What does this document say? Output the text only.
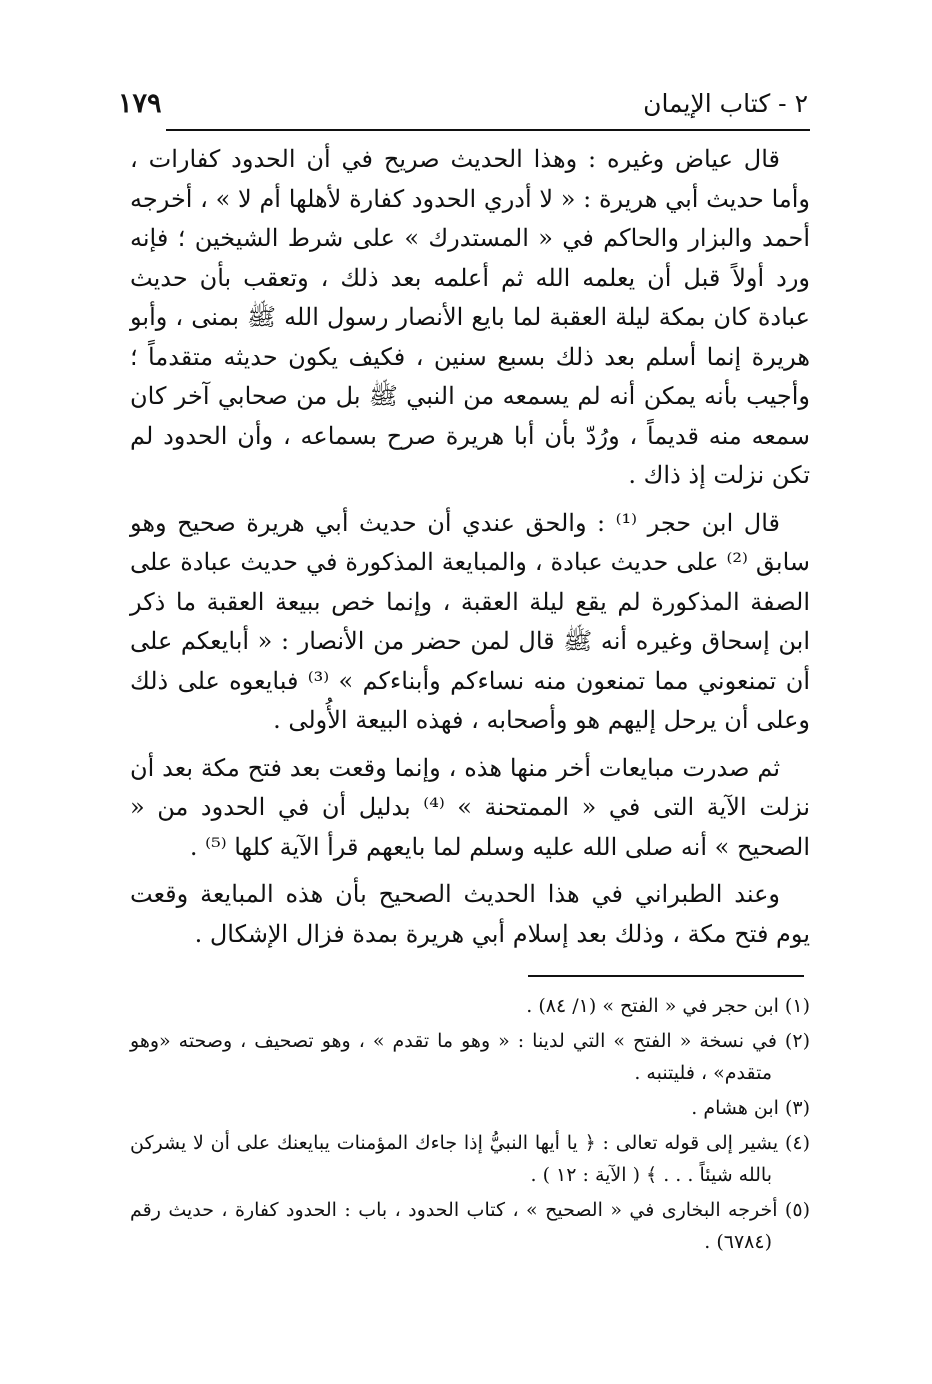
٢ - كتاب الإيمان
١٧٩

قال عياض وغيره : وهذا الحديث صريح في أن الحدود كفارات ، وأما حديث أبي هريرة : « لا أدري الحدود كفارة لأهلها أم لا » ، أخرجه أحمد والبزار والحاكم في « المستدرك » على شرط الشيخين ؛ فإنه ورد أولاً قبل أن يعلمه الله ثم أعلمه بعد ذلك ، وتعقب بأن حديث عبادة كان بمكة ليلة العقبة لما بايع الأنصار رسول الله ﷺ بمنى ، وأبو هريرة إنما أسلم بعد ذلك بسبع سنين ، فكيف يكون حديثه متقدماً ؛ وأجيب بأنه يمكن أنه لم يسمعه من النبي ﷺ بل من صحابي آخر كان سمعه منه قديماً ، ورُدّ بأن أبا هريرة صرح بسماعه ، وأن الحدود لم تكن نزلت إذ ذاك .

قال ابن حجر ⁽¹⁾ : والحق عندي أن حديث أبي هريرة صحيح وهو سابق ⁽²⁾ على حديث عبادة ، والمبايعة المذكورة في حديث عبادة على الصفة المذكورة لم يقع ليلة العقبة ، وإنما خص ببيعة العقبة ما ذكر ابن إسحاق وغيره أنه ﷺ قال لمن حضر من الأنصار : « أبايعكم على أن تمنعوني مما تمنعون منه نساءكم وأبناءكم » ⁽³⁾ فبايعوه على ذلك وعلى أن يرحل إليهم هو وأصحابه ، فهذه البيعة الأُولى .

ثم صدرت مبايعات أخر منها هذه ، وإنما وقعت بعد فتح مكة بعد أن نزلت الآية التى في « الممتحنة » ⁽⁴⁾ بدليل أن في الحدود من « الصحيح » أنه صلى الله عليه وسلم لما بايعهم قرأ الآية كلها ⁽⁵⁾ .

وعند الطبراني في هذا الحديث الصحيح بأن هذه المبايعة وقعت يوم فتح مكة ، وذلك بعد إسلام أبي هريرة بمدة فزال الإشكال .

(١) ابن حجر في « الفتح » (١/ ٨٤) .

(٢) في نسخة « الفتح » التي لدينا : « وهو ما تقدم » ، وهو تصحيف ، وصحته «وهو متقدم» ، فليتنبه .

(٣) ابن هشام .

(٤) يشير إلى قوله تعالى : ﴿ يا أيها النبيُّ إذا جاءك المؤمنات يبايعنك على أن لا يشركن بالله شيئاً . . . ﴾ ( الآية : ١٢ ) .

(٥) أخرجه البخارى في « الصحيح » ، كتاب الحدود ، باب : الحدود كفارة ، حديث رقم (٦٧٨٤) .
